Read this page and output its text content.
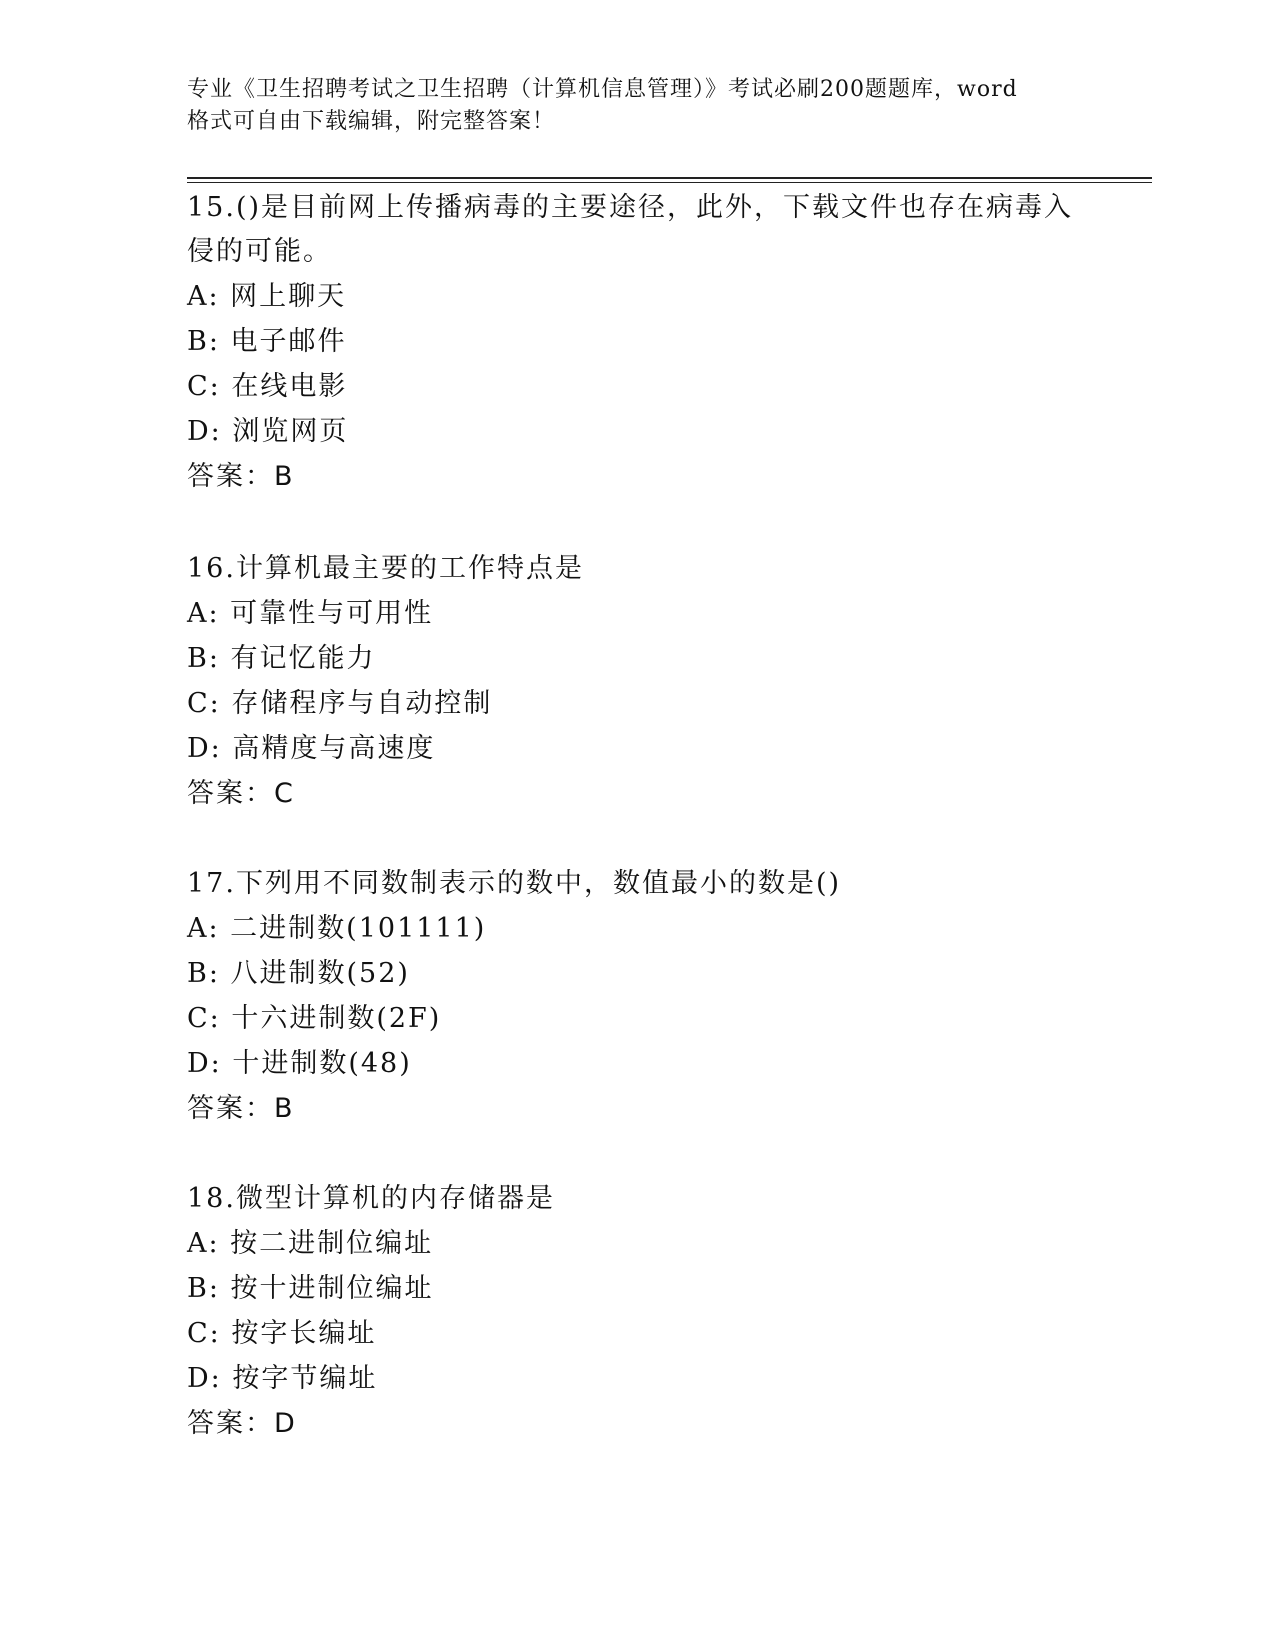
专业《卫生招聘考试之卫生招聘（计算机信息管理）》考试必刷200题题库，word
格式可自由下载编辑，附完整答案！
15.()是目前网上传播病毒的主要途径，此外，下载文件也存在病毒入
侵的可能。
A: 网上聊天
B: 电子邮件
C: 在线电影
D: 浏览网页
答案：B
16.计算机最主要的工作特点是
A: 可靠性与可用性
B: 有记忆能力
C: 存储程序与自动控制
D: 高精度与高速度
答案：C
17.下列用不同数制表示的数中，数值最小的数是()
A: 二进制数(101111)
B: 八进制数(52)
C: 十六进制数(2F)
D: 十进制数(48)
答案：B
18.微型计算机的内存储器是
A: 按二进制位编址
B: 按十进制位编址
C: 按字长编址
D: 按字节编址
答案：D
